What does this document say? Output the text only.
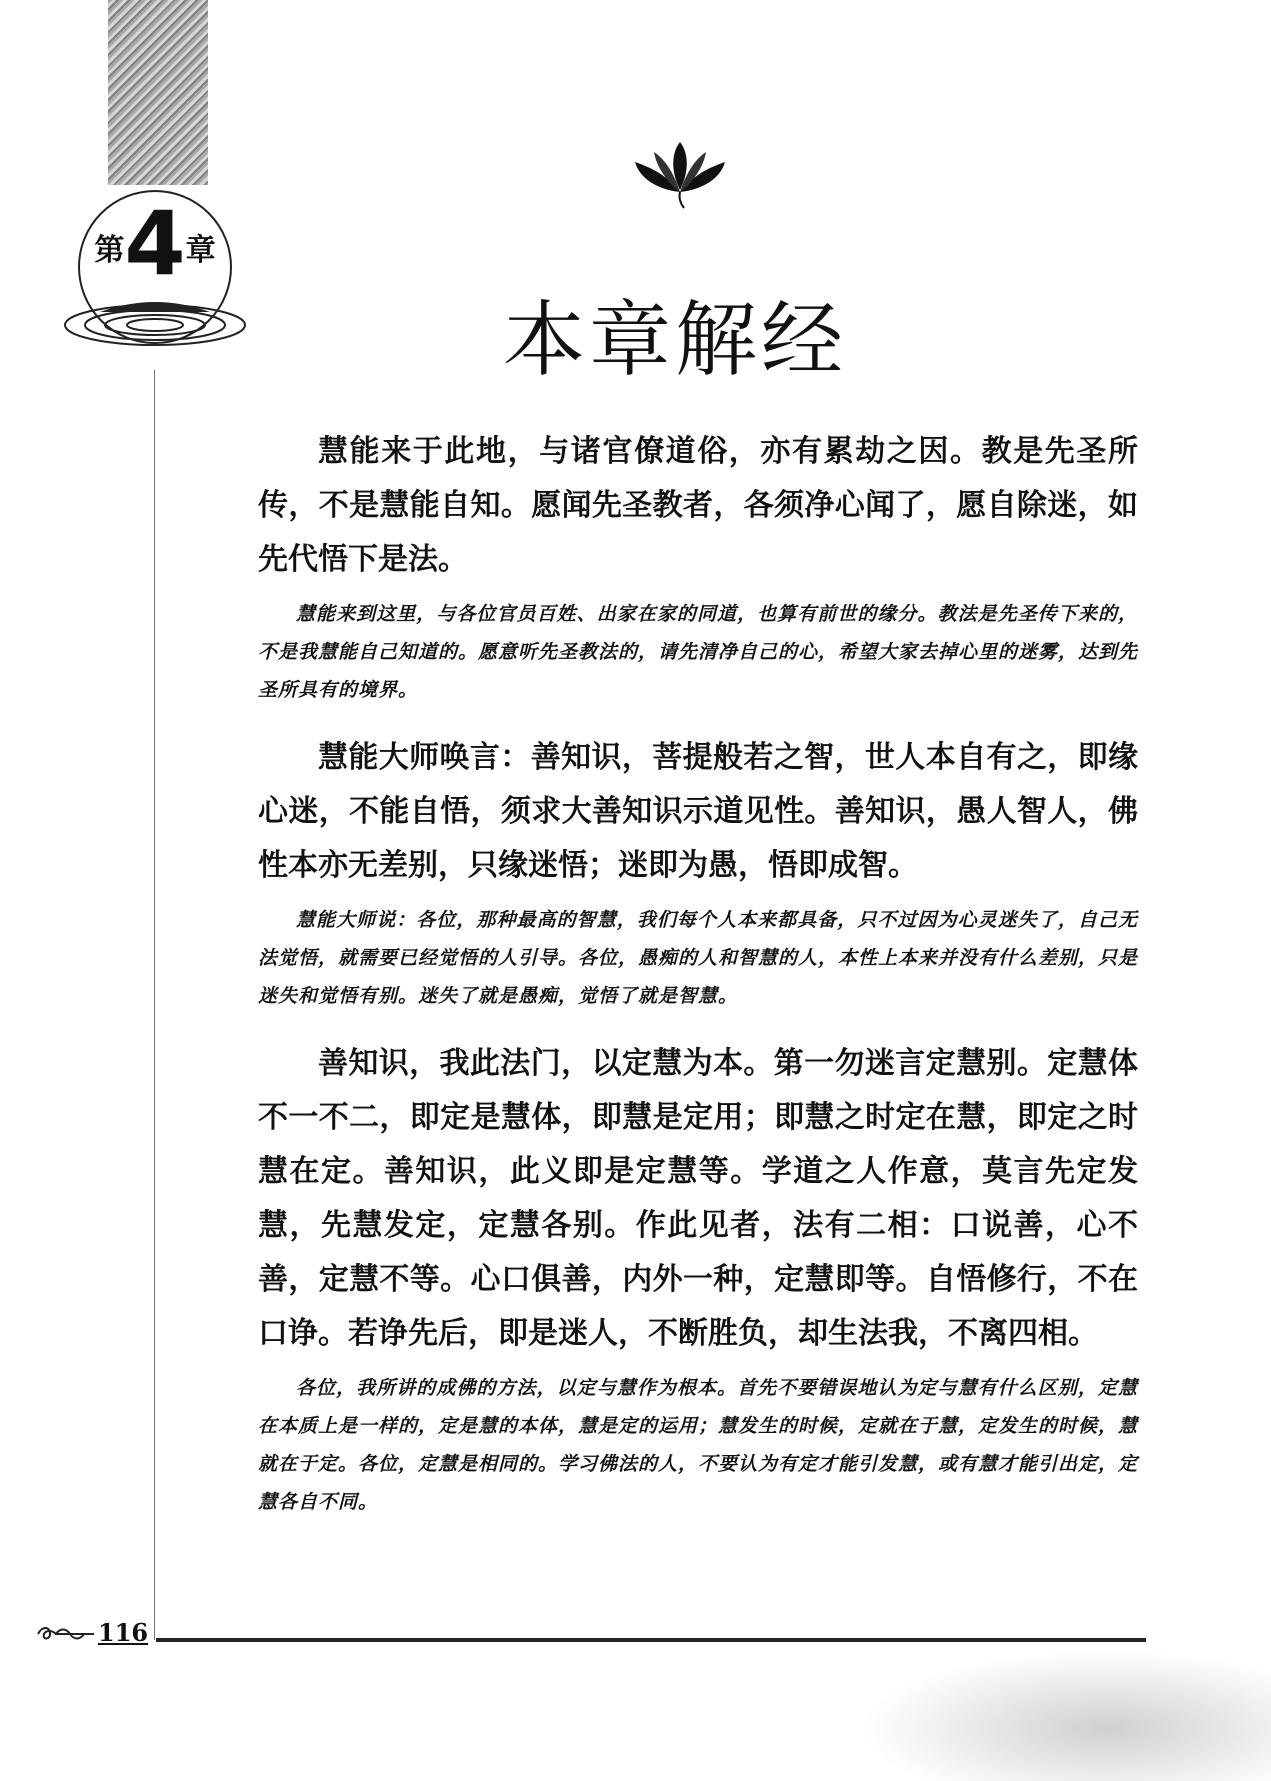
第4章
本章解经

慧能来于此地，与诸官僚道俗，亦有累劫之因。教是先圣所传，不是慧能自知。愿闻先圣教者，各须净心闻了，愿自除迷，如先代悟下是法。

慧能来到这里，与各位官员百姓、出家在家的同道，也算有前世的缘分。教法是先圣传下来的，不是我慧能自己知道的。愿意听先圣教法的，请先清净自己的心，希望大家去掉心里的迷雾，达到先圣所具有的境界。

慧能大师唤言：善知识，菩提般若之智，世人本自有之，即缘心迷，不能自悟，须求大善知识示道见性。善知识，愚人智人，佛性本亦无差别，只缘迷悟；迷即为愚，悟即成智。

慧能大师说：各位，那种最高的智慧，我们每个人本来都具备，只不过因为心灵迷失了，自己无法觉悟，就需要已经觉悟的人引导。各位，愚痴的人和智慧的人，本性上本来并没有什么差别，只是迷失和觉悟有别。迷失了就是愚痴，觉悟了就是智慧。

善知识，我此法门，以定慧为本。第一勿迷言定慧别。定慧体不一不二，即定是慧体，即慧是定用；即慧之时定在慧，即定之时慧在定。善知识，此义即是定慧等。学道之人作意，莫言先定发慧，先慧发定，定慧各别。作此见者，法有二相：口说善，心不善，定慧不等。心口俱善，内外一种，定慧即等。自悟修行，不在口诤。若诤先后，即是迷人，不断胜负，却生法我，不离四相。

各位，我所讲的成佛的方法，以定与慧作为根本。首先不要错误地认为定与慧有什么区别，定慧在本质上是一样的，定是慧的本体，慧是定的运用；慧发生的时候，定就在于慧，定发生的时候，慧就在于定。各位，定慧是相同的。学习佛法的人，不要认为有定才能引发慧，或有慧才能引出定，定慧各自不同。

116
